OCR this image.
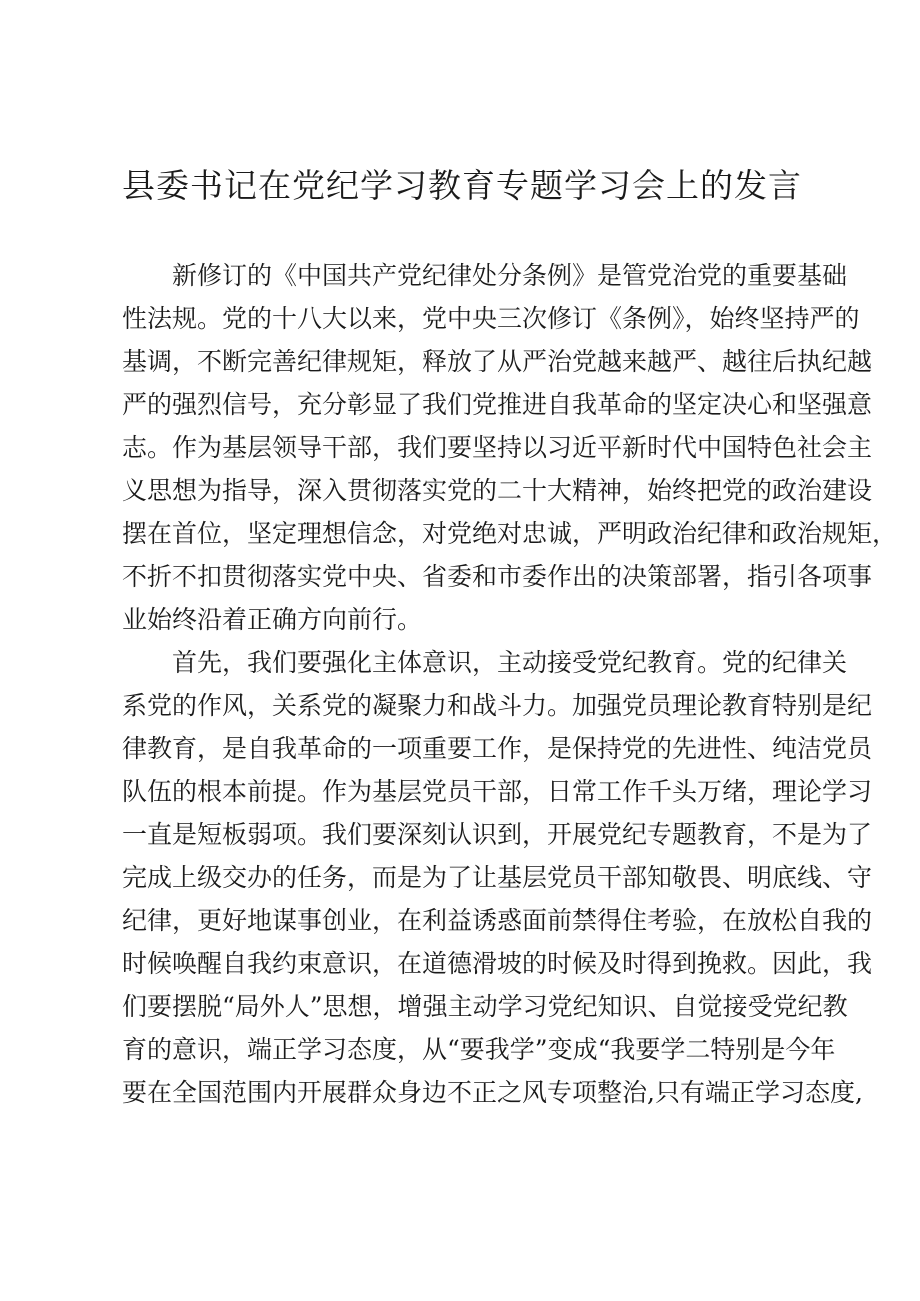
县委书记在党纪学习教育专题学习会上的发言
新修订的《中国共产党纪律处分条例》是管党治党的重要基础
性法规。党的十八大以来，党中央三次修订《条例》，始终坚持严的
基调，不断完善纪律规矩，释放了从严治党越来越严、越往后执纪越
严的强烈信号，充分彰显了我们党推进自我革命的坚定决心和坚强意
志。作为基层领导干部，我们要坚持以习近平新时代中国特色社会主
义思想为指导，深入贯彻落实党的二十大精神，始终把党的政治建设
摆在首位，坚定理想信念，对党绝对忠诚，严明政治纪律和政治规矩，
不折不扣贯彻落实党中央、省委和市委作出的决策部署，指引各项事
业始终沿着正确方向前行。
首先，我们要强化主体意识，主动接受党纪教育。党的纪律关
系党的作风，关系党的凝聚力和战斗力。加强党员理论教育特别是纪
律教育，是自我革命的一项重要工作，是保持党的先进性、纯洁党员
队伍的根本前提。作为基层党员干部，日常工作千头万绪，理论学习
一直是短板弱项。我们要深刻认识到，开展党纪专题教育，不是为了
完成上级交办的任务，而是为了让基层党员干部知敬畏、明底线、守
纪律，更好地谋事创业，在利益诱惑面前禁得住考验，在放松自我的
时候唤醒自我约束意识，在道德滑坡的时候及时得到挽救。因此，我
们要摆脱“局外人”思想，增强主动学习党纪知识、自觉接受党纪教
育的意识，端正学习态度，从“要我学”变成“我要学二特别是今年
要在全国范围内开展群众身边不正之风专项整治,只有端正学习态度,
